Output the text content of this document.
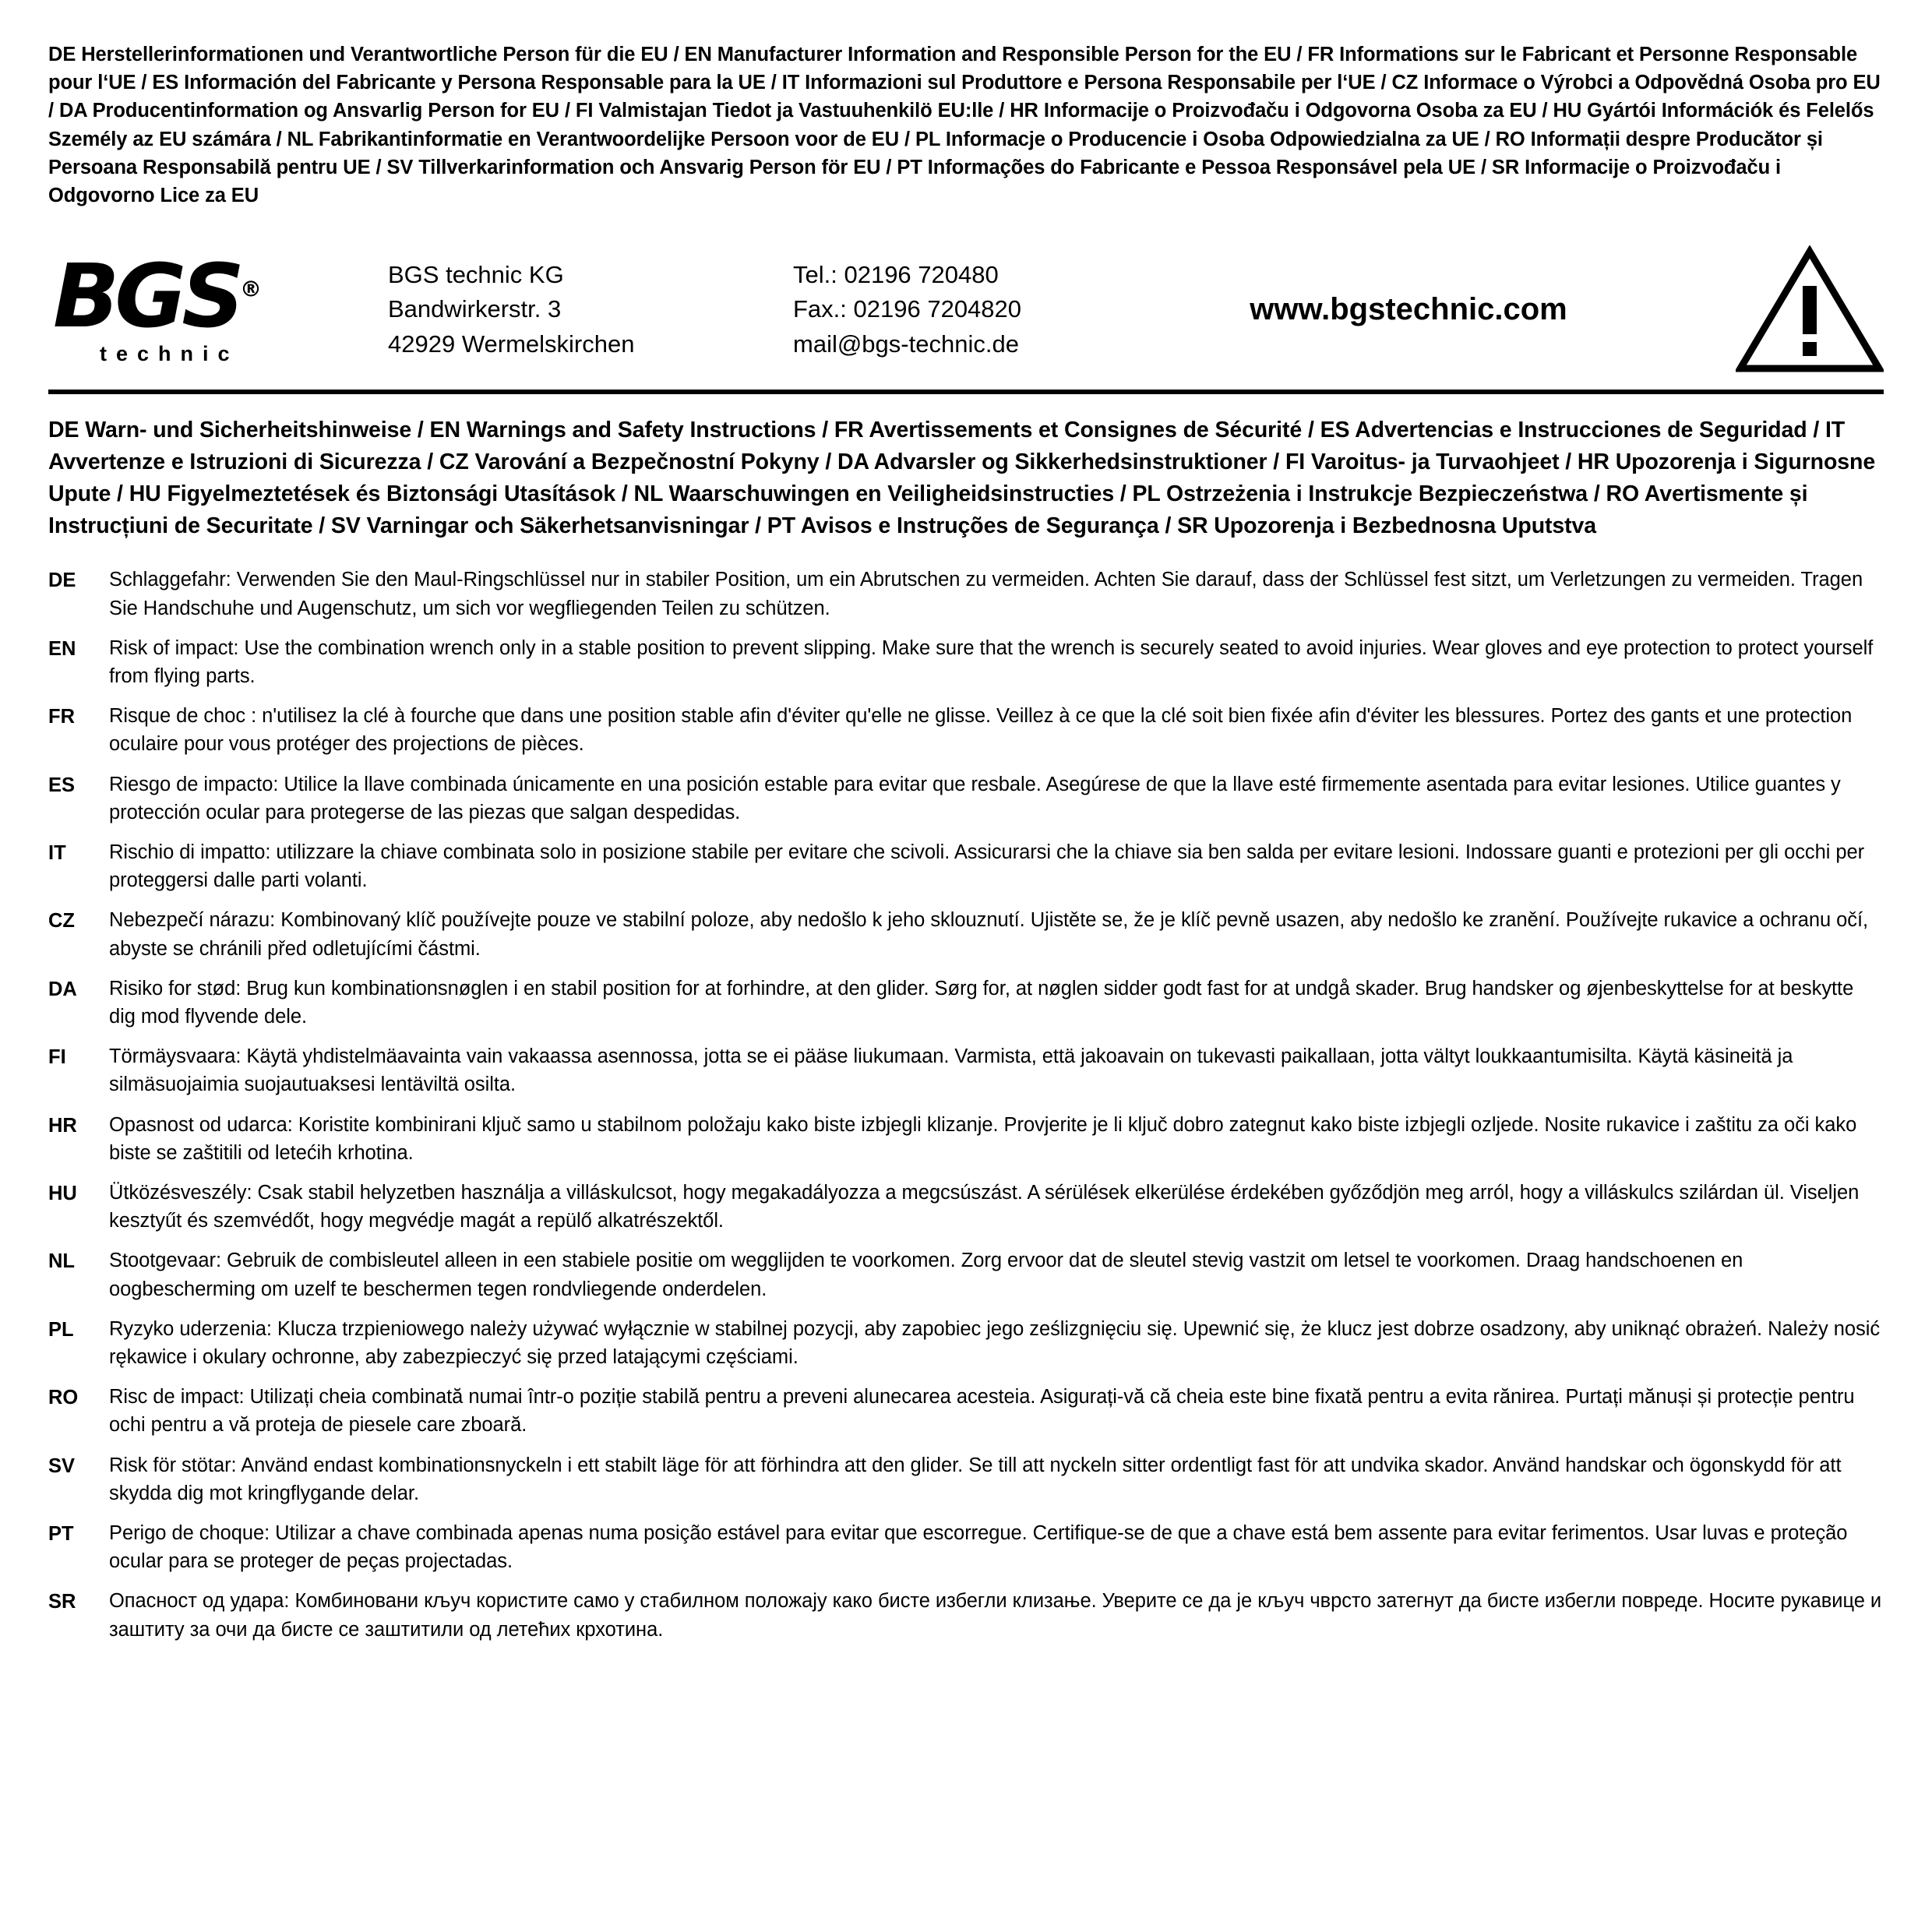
DE Herstellerinformationen und Verantwortliche Person für die EU / EN Manufacturer Information and Responsible Person for the EU / FR Informations sur le Fabricant et Personne Responsable pour l‘UE / ES Información del Fabricante y Persona Responsable para la UE / IT Informazioni sul Produttore e Persona Responsabile per l‘UE / CZ Informace o Výrobci a Odpovědná Osoba pro EU / DA Producentinformation og Ansvarlig Person for EU / FI Valmistajan Tiedot ja Vastuuhenkilö EU:lle / HR Informacije o Proizvođaču i Odgovorna Osoba za EU / HU Gyártói Információk és Felelős Személy az EU számára / NL Fabrikantinformatie en Verantwoordelijke Persoon voor de EU / PL Informacje o Producencie i Osoba Odpowiedzialna za UE / RO Informații despre Producător și Persoana Responsabilă pentru UE / SV Tillverkarinformation och Ansvarig Person för EU / PT Informações do Fabricante e Pessoa Responsável pela UE / SR Informacije o Proizvođaču i Odgovorno Lice za EU
BGS®
technic
BGS technic KG
Bandwirkerstr. 3
42929 Wermelskirchen
Tel.: 02196 720480
Fax.: 02196 7204820
mail@bgs-technic.de
www.bgstechnic.com
DE Warn- und Sicherheitshinweise / EN Warnings and Safety Instructions / FR Avertissements et Consignes de Sécurité / ES Advertencias e Instrucciones de Seguridad / IT Avvertenze e Istruzioni di Sicurezza / CZ Varování a Bezpečnostní Pokyny / DA Advarsler og Sikkerhedsinstruktioner / FI Varoitus- ja Turvaohjeet / HR Upozorenja i Sigurnosne Upute / HU Figyelmeztetések és Biztonsági Utasítások / NL Waarschuwingen en Veiligheidsinstructies / PL Ostrzeżenia i Instrukcje Bezpieczeństwa / RO Avertismente și Instrucțiuni de Securitate / SV Varningar och Säkerhetsanvisningar / PT Avisos e Instruções de Segurança / SR Upozorenja i Bezbednosna Uputstva
DE	Schlaggefahr: Verwenden Sie den Maul-Ringschlüssel nur in stabiler Position, um ein Abrutschen zu vermeiden. Achten Sie darauf, dass der Schlüssel fest sitzt, um Verletzungen zu vermeiden. Tragen Sie Handschuhe und Augenschutz, um sich vor wegfliegenden Teilen zu schützen.
EN	Risk of impact: Use the combination wrench only in a stable position to prevent slipping. Make sure that the wrench is securely seated to avoid injuries. Wear gloves and eye protection to protect yourself from flying parts.
FR	Risque de choc : n'utilisez la clé à fourche que dans une position stable afin d'éviter qu'elle ne glisse. Veillez à ce que la clé soit bien fixée afin d'éviter les blessures. Portez des gants et une protection oculaire pour vous protéger des projections de pièces.
ES	Riesgo de impacto: Utilice la llave combinada únicamente en una posición estable para evitar que resbale. Asegúrese de que la llave esté firmemente asentada para evitar lesiones. Utilice guantes y protección ocular para protegerse de las piezas que salgan despedidas.
IT	Rischio di impatto: utilizzare la chiave combinata solo in posizione stabile per evitare che scivoli. Assicurarsi che la chiave sia ben salda per evitare lesioni. Indossare guanti e protezioni per gli occhi per proteggersi dalle parti volanti.
CZ	Nebezpečí nárazu: Kombinovaný klíč používejte pouze ve stabilní poloze, aby nedošlo k jeho sklouznutí. Ujistěte se, že je klíč pevně usazen, aby nedošlo ke zranění. Používejte rukavice a ochranu očí, abyste se chránili před odletujícími částmi.
DA	Risiko for stød: Brug kun kombinationsnøglen i en stabil position for at forhindre, at den glider. Sørg for, at nøglen sidder godt fast for at undgå skader. Brug handsker og øjenbeskyttelse for at beskytte dig mod flyvende dele.
FI	Törmäysvaara: Käytä yhdistelmäavainta vain vakaassa asennossa, jotta se ei pääse liukumaan. Varmista, että jakoavain on tukevasti paikallaan, jotta vältyt loukkaantumisilta. Käytä käsineitä ja silmäsuojaimia suojautuaksesi lentäviltä osilta.
HR	Opasnost od udarca: Koristite kombinirani ključ samo u stabilnom položaju kako biste izbjegli klizanje. Provjerite je li ključ dobro zategnut kako biste izbjegli ozljede. Nosite rukavice i zaštitu za oči kako biste se zaštitili od letećih krhotina.
HU	Ütközésveszély: Csak stabil helyzetben használja a villáskulcsot, hogy megakadályozza a megcsúszást. A sérülések elkerülése érdekében győződjön meg arról, hogy a villáskulcs szilárdan ül. Viseljen kesztyűt és szemvédőt, hogy megvédje magát a repülő alkatrészektől.
NL	Stootgevaar: Gebruik de combisleutel alleen in een stabiele positie om wegglijden te voorkomen. Zorg ervoor dat de sleutel stevig vastzit om letsel te voorkomen. Draag handschoenen en oogbescherming om uzelf te beschermen tegen rondvliegende onderdelen.
PL	Ryzyko uderzenia: Klucza trzpieniowego należy używać wyłącznie w stabilnej pozycji, aby zapobiec jego ześlizgnięciu się. Upewnić się, że klucz jest dobrze osadzony, aby uniknąć obrażeń. Należy nosić rękawice i okulary ochronne, aby zabezpieczyć się przed latającymi częściami.
RO	Risc de impact: Utilizați cheia combinată numai într-o poziție stabilă pentru a preveni alunecarea acesteia. Asigurați-vă că cheia este bine fixată pentru a evita rănirea. Purtați mănuși și protecție pentru ochi pentru a vă proteja de piesele care zboară.
SV	Risk för stötar: Använd endast kombinationsnyckeln i ett stabilt läge för att förhindra att den glider. Se till att nyckeln sitter ordentligt fast för att undvika skador. Använd handskar och ögonskydd för att skydda dig mot kringflygande delar.
PT	Perigo de choque: Utilizar a chave combinada apenas numa posição estável para evitar que escorregue. Certifique-se de que a chave está bem assente para evitar ferimentos. Usar luvas e proteção ocular para se proteger de peças projectadas.
SR	Опасност од удара: Комбиновани кључ користите само у стабилном положају како бисте избегли клизање. Уверите се да је кључ чврсто затегнут да бисте избегли повреде. Носите рукавице и заштиту за очи да бисте се заштитили од летећих крхотина.
